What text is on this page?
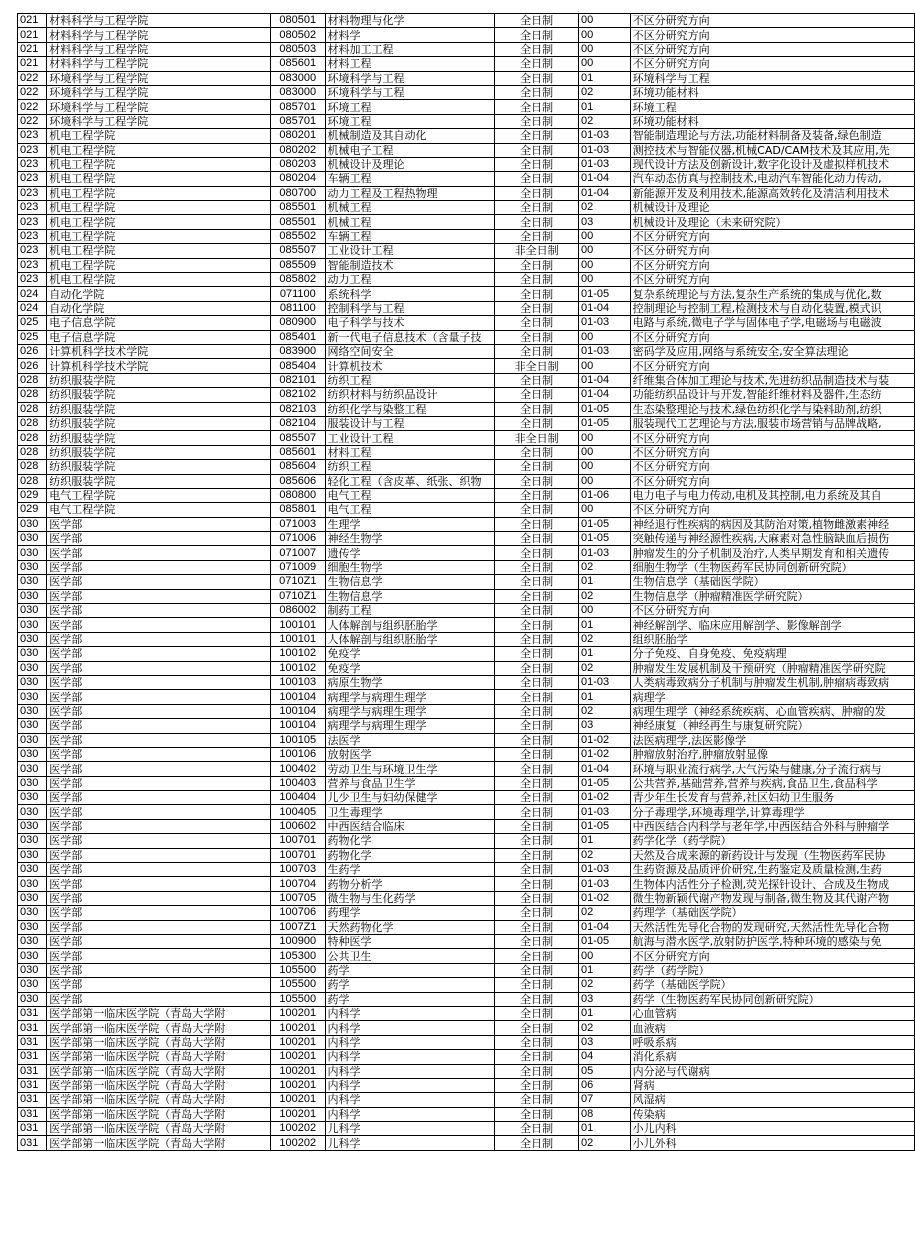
021	材料科学与工程学院	080501	材料物理与化学	全日制	00	不区分研究方向
021	材料科学与工程学院	080502	材料学	全日制	00	不区分研究方向
021	材料科学与工程学院	080503	材料加工工程	全日制	00	不区分研究方向
021	材料科学与工程学院	085601	材料工程	全日制	00	不区分研究方向
022	环境科学与工程学院	083000	环境科学与工程	全日制	01	环境科学与工程
022	环境科学与工程学院	083000	环境科学与工程	全日制	02	环境功能材料
022	环境科学与工程学院	085701	环境工程	全日制	01	环境工程
022	环境科学与工程学院	085701	环境工程	全日制	02	环境功能材料
023	机电工程学院	080201	机械制造及其自动化	全日制	01-03	智能制造理论与方法,功能材料制备及装备,绿色制造
023	机电工程学院	080202	机械电子工程	全日制	01-03	测控技术与智能仪器,机械CAD/CAM技术及其应用,先
023	机电工程学院	080203	机械设计及理论	全日制	01-03	现代设计方法及创新设计,数字化设计及虚拟样机技术
023	机电工程学院	080204	车辆工程	全日制	01-04	汽车动态仿真与控制技术,电动汽车智能化动力传动,
023	机电工程学院	080700	动力工程及工程热物理	全日制	01-04	新能源开发及利用技术,能源高效转化及清洁利用技术
023	机电工程学院	085501	机械工程	全日制	02	机械设计及理论
023	机电工程学院	085501	机械工程	全日制	03	机械设计及理论（未来研究院）
023	机电工程学院	085502	车辆工程	全日制	00	不区分研究方向
023	机电工程学院	085507	工业设计工程	非全日制	00	不区分研究方向
023	机电工程学院	085509	智能制造技术	全日制	00	不区分研究方向
023	机电工程学院	085802	动力工程	全日制	00	不区分研究方向
024	自动化学院	071100	系统科学	全日制	01-05	复杂系统理论与方法,复杂生产系统的集成与优化,数
024	自动化学院	081100	控制科学与工程	全日制	01-04	控制理论与控制工程,检测技术与自动化装置,模式识
025	电子信息学院	080900	电子科学与技术	全日制	01-03	电路与系统,微电子学与固体电子学,电磁场与电磁波
025	电子信息学院	085401	新一代电子信息技术（含量子技	全日制	00	不区分研究方向
026	计算机科学技术学院	083900	网络空间安全	全日制	01-03	密码学及应用,网络与系统安全,安全算法理论
026	计算机科学技术学院	085404	计算机技术	非全日制	00	不区分研究方向
028	纺织服装学院	082101	纺织工程	全日制	01-04	纤维集合体加工理论与技术,先进纺织品制造技术与装
028	纺织服装学院	082102	纺织材料与纺织品设计	全日制	01-04	功能纺织品设计与开发,智能纤维材料及器件,生态纺
028	纺织服装学院	082103	纺织化学与染整工程	全日制	01-05	生态染整理论与技术,绿色纺织化学与染料助剂,纺织
028	纺织服装学院	082104	服装设计与工程	全日制	01-05	服装现代工艺理论与方法,服装市场营销与品牌战略,
028	纺织服装学院	085507	工业设计工程	非全日制	00	不区分研究方向
028	纺织服装学院	085601	材料工程	全日制	00	不区分研究方向
028	纺织服装学院	085604	纺织工程	全日制	00	不区分研究方向
028	纺织服装学院	085606	轻化工程（含皮革、纸张、织物	全日制	00	不区分研究方向
029	电气工程学院	080800	电气工程	全日制	01-06	电力电子与电力传动,电机及其控制,电力系统及其自
029	电气工程学院	085801	电气工程	全日制	00	不区分研究方向
030	医学部	071003	生理学	全日制	01-05	神经退行性疾病的病因及其防治对策,植物雌激素神经
030	医学部	071006	神经生物学	全日制	01-05	突触传递与神经源性疾病,大麻素对急性脑缺血后损伤
030	医学部	071007	遗传学	全日制	01-03	肿瘤发生的分子机制及治疗,人类早期发育和相关遗传
030	医学部	071009	细胞生物学	全日制	02	细胞生物学（生物医药军民协同创新研究院）
030	医学部	0710Z1	生物信息学	全日制	01	生物信息学（基础医学院）
030	医学部	0710Z1	生物信息学	全日制	02	生物信息学（肿瘤精准医学研究院）
030	医学部	086002	制药工程	全日制	00	不区分研究方向
030	医学部	100101	人体解剖与组织胚胎学	全日制	01	神经解剖学、临床应用解剖学、影像解剖学
030	医学部	100101	人体解剖与组织胚胎学	全日制	02	组织胚胎学
030	医学部	100102	免疫学	全日制	01	分子免疫、自身免疫、免疫病理
030	医学部	100102	免疫学	全日制	02	肿瘤发生发展机制及干预研究（肿瘤精准医学研究院
030	医学部	100103	病原生物学	全日制	01-03	人类病毒致病分子机制与肿瘤发生机制,肿瘤病毒致病
030	医学部	100104	病理学与病理生理学	全日制	01	病理学
030	医学部	100104	病理学与病理生理学	全日制	02	病理生理学（神经系统疾病、心血管疾病、肿瘤的发
030	医学部	100104	病理学与病理生理学	全日制	03	神经康复（神经再生与康复研究院）
030	医学部	100105	法医学	全日制	01-02	法医病理学,法医影像学
030	医学部	100106	放射医学	全日制	01-02	肿瘤放射治疗,肿瘤放射显像
030	医学部	100402	劳动卫生与环境卫生学	全日制	01-04	环境与职业流行病学,大气污染与健康,分子流行病与
030	医学部	100403	营养与食品卫生学	全日制	01-05	公共营养,基础营养,营养与疾病,食品卫生,食品科学
030	医学部	100404	儿少卫生与妇幼保健学	全日制	01-02	青少年生长发育与营养,社区妇幼卫生服务
030	医学部	100405	卫生毒理学	全日制	01-03	分子毒理学,环境毒理学,计算毒理学
030	医学部	100602	中西医结合临床	全日制	01-05	中西医结合内科学与老年学,中西医结合外科与肿瘤学
030	医学部	100701	药物化学	全日制	01	药学化学（药学院）
030	医学部	100701	药物化学	全日制	02	天然及合成来源的新药设计与发现（生物医药军民协
030	医学部	100703	生药学	全日制	01-03	生药资源及品质评价研究,生药鉴定及质量检测,生药
030	医学部	100704	药物分析学	全日制	01-03	生物体内活性分子检测,荧光探针设计、合成及生物成
030	医学部	100705	微生物与生化药学	全日制	01-02	微生物新颖代谢产物发现与制备,微生物及其代谢产物
030	医学部	100706	药理学	全日制	02	药理学（基础医学院）
030	医学部	1007Z1	天然药物化学	全日制	01-04	天然活性先导化合物的发现研究,天然活性先导化合物
030	医学部	100900	特种医学	全日制	01-05	航海与潜水医学,放射防护医学,特种环境的感染与免
030	医学部	105300	公共卫生	全日制	00	不区分研究方向
030	医学部	105500	药学	全日制	01	药学（药学院）
030	医学部	105500	药学	全日制	02	药学（基础医学院）
030	医学部	105500	药学	全日制	03	药学（生物医药军民协同创新研究院）
031	医学部第一临床医学院（青岛大学附	100201	内科学	全日制	01	心血管病
031	医学部第一临床医学院（青岛大学附	100201	内科学	全日制	02	血液病
031	医学部第一临床医学院（青岛大学附	100201	内科学	全日制	03	呼吸系病
031	医学部第一临床医学院（青岛大学附	100201	内科学	全日制	04	消化系病
031	医学部第一临床医学院（青岛大学附	100201	内科学	全日制	05	内分泌与代谢病
031	医学部第一临床医学院（青岛大学附	100201	内科学	全日制	06	肾病
031	医学部第一临床医学院（青岛大学附	100201	内科学	全日制	07	风湿病
031	医学部第一临床医学院（青岛大学附	100201	内科学	全日制	08	传染病
031	医学部第一临床医学院（青岛大学附	100202	儿科学	全日制	01	小儿内科
031	医学部第一临床医学院（青岛大学附	100202	儿科学	全日制	02	小儿外科
